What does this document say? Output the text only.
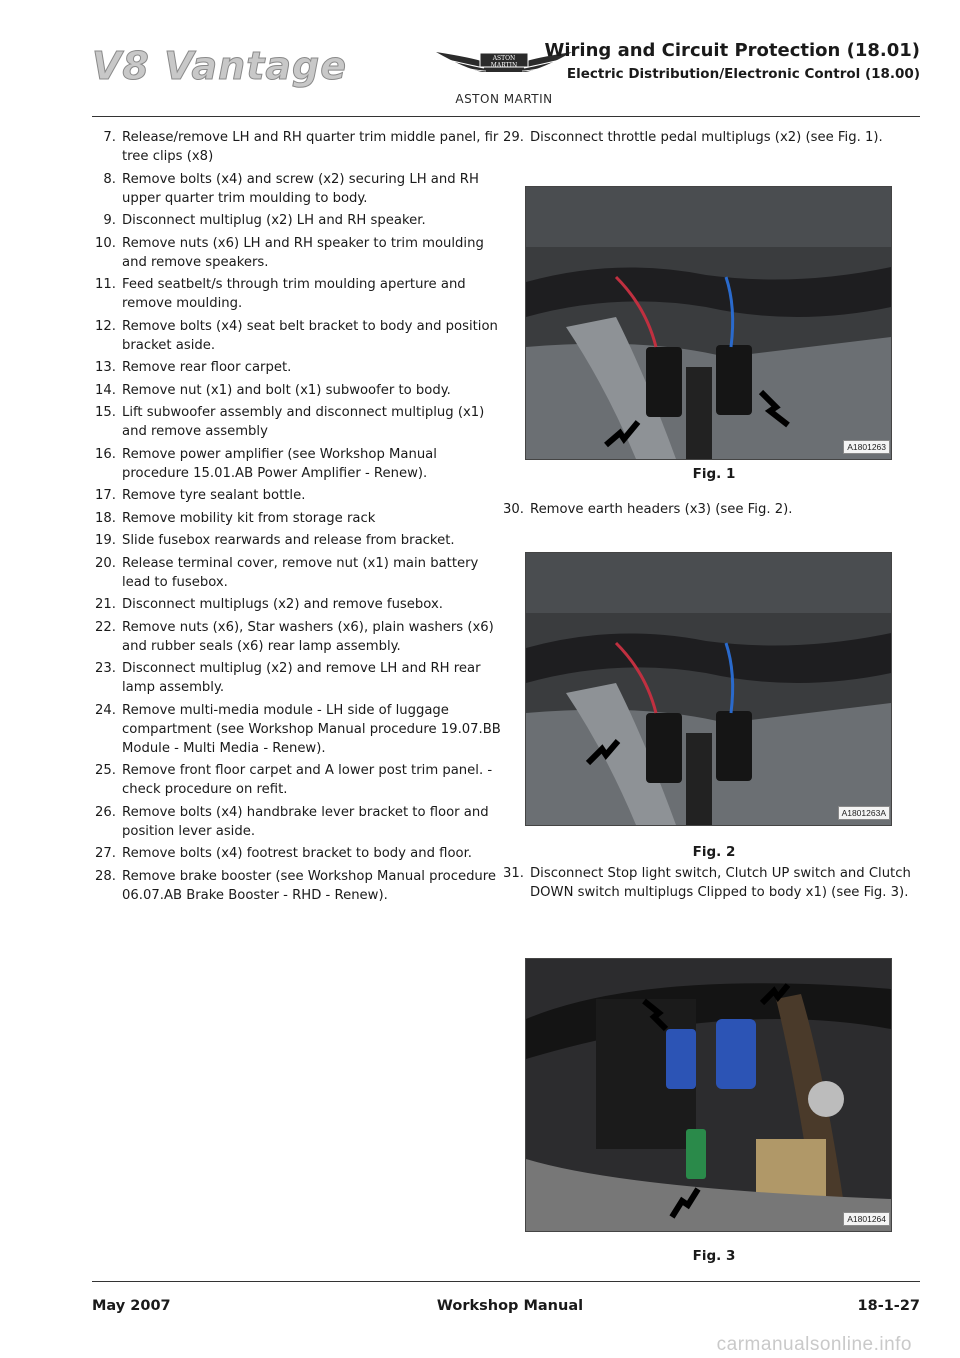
V8 Vantage	ASTON MARTIN
ASTON MARTIN
Wiring and Circuit Protection (18.01)
Electric Distribution/Electronic Control (18.00)
7. Release/remove LH and RH quarter trim middle panel, fir tree clips (x8)
8. Remove bolts (x4) and screw (x2) securing LH and RH upper quarter trim moulding to body.
9. Disconnect multiplug (x2) LH and RH speaker.
10. Remove nuts (x6) LH and RH speaker to trim moulding and remove speakers.
11. Feed seatbelt/s through trim moulding aperture and remove moulding.
12. Remove bolts (x4) seat belt bracket to body and position bracket aside.
13. Remove rear floor carpet.
14. Remove nut (x1) and bolt (x1) subwoofer to body.
15. Lift subwoofer assembly and disconnect multiplug (x1) and remove assembly
16. Remove power amplifier (see Workshop Manual procedure 15.01.AB Power Amplifier - Renew).
17. Remove tyre sealant bottle.
18. Remove mobility kit from storage rack
19. Slide fusebox rearwards and release from bracket.
20. Release terminal cover, remove nut (x1) main battery lead to fusebox.
21. Disconnect multiplugs (x2) and remove fusebox.
22. Remove nuts (x6), Star washers (x6), plain washers (x6) and rubber seals (x6) rear lamp assembly.
23. Disconnect multiplug (x2) and remove LH and RH rear lamp assembly.
24. Remove multi-media module - LH side of luggage compartment (see Workshop Manual procedure 19.07.BB Module - Multi Media - Renew).
25. Remove front floor carpet and A lower post trim panel. - check procedure on refit.
26. Remove bolts (x4) handbrake lever bracket to floor and position lever aside.
27. Remove bolts (x4) footrest bracket to body and floor.
28. Remove brake booster (see Workshop Manual procedure 06.07.AB Brake Booster - RHD - Renew).
29. Disconnect throttle pedal multiplugs (x2) (see Fig. 1).
A1801263
Fig. 1
30. Remove earth headers (x3) (see Fig. 2).
A1801263A
Fig. 2
31. Disconnect Stop light switch, Clutch UP switch and Clutch DOWN switch multiplugs Clipped to body x1) (see Fig. 3).
A1801264
Fig. 3
May 2007	Workshop Manual	18-1-27
carmanualsonline.info
